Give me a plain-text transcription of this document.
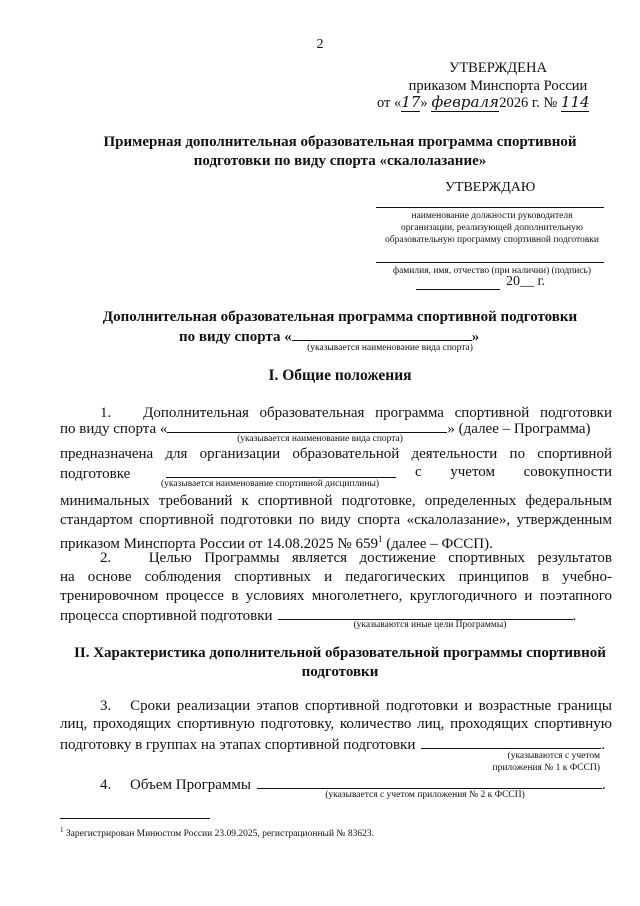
2
УТВЕРЖДЕНА
приказом Минспорта России
от «17» февраля2026 г. № 114
Примерная дополнительная образовательная программа спортивной
подготовки по виду спорта «скалолазание»
УТВЕРЖДАЮ
наименование должности руководителя
организации, реализующей дополнительную
образовательную программу спортивной подготовки
фамилия, имя, отчество (при наличии) (подпись)
20__ г.
Дополнительная образовательная программа спортивной подготовки
по виду спорта «	»
(указывается наименование вида спорта)
I. Общие положения
1. Дополнительная образовательная программа спортивной подготовки
по виду спорта «	» (далее – Программа)
(указывается наименование вида спорта)
предназначена для организации образовательной деятельности по спортивной
подготовке	с учетом совокупности
(указывается наименование спортивной дисциплины)
минимальных требований к спортивной подготовке, определенных федеральным
стандартом спортивной подготовки по виду спорта «скалолазание», утвержденным
приказом Минспорта России от 14.08.2025 № $659^1$ (далее – ФССП).
2. Целью Программы является достижение спортивных результатов
на основе соблюдения спортивных и педагогических принципов в учебно-
тренировочном процессе в условиях многолетнего, круглогодичного и поэтапного
процесса спортивной подготовки	.
(указываются иные цели Программы)
II. Характеристика дополнительной образовательной программы спортивной
подготовки
3. Сроки реализации этапов спортивной подготовки и возрастные границы
лиц, проходящих спортивную подготовку, количество лиц, проходящих спортивную
подготовку в группах на этапах спортивной подготовки	.
(указываются с учетом
приложения № 1 к ФССП)
4. Объем Программы	.
(указывается с учетом приложения № 2 к ФССП)
$^1$ Зарегистрирован Минюстом России 23.09.2025, регистрационный № 83623.
